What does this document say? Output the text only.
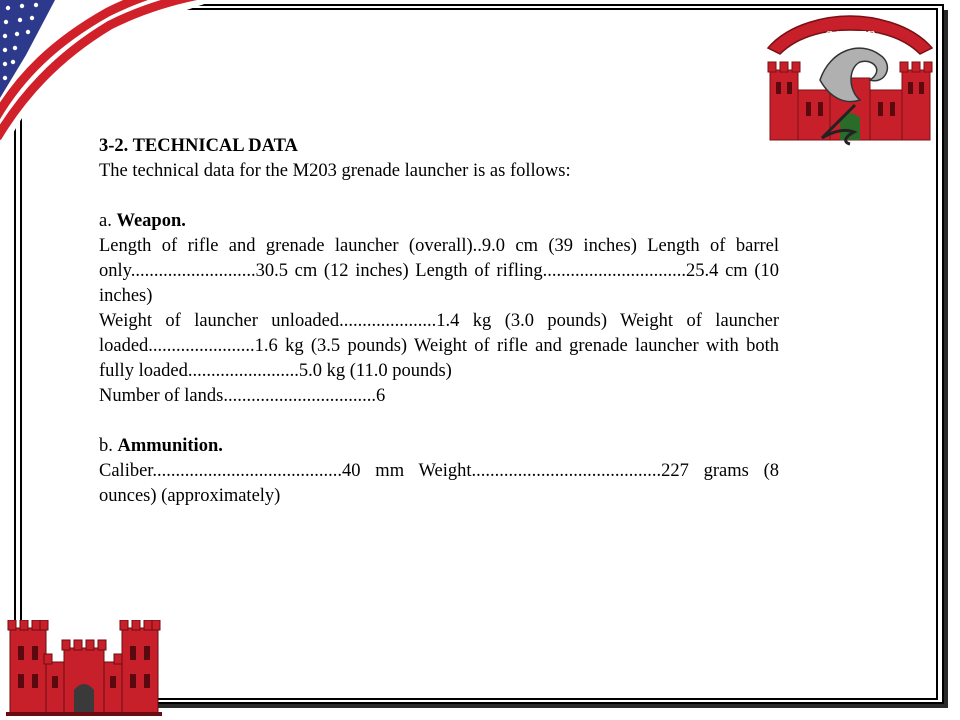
SAPPER

3-2. TECHNICAL DATA

The technical data for the M203 grenade launcher is as follows:

a. Weapon.

Length of rifle and grenade launcher (overall)..9.0 cm (39 inches) Length of barrel only...........................30.5 cm (12 inches) Length of rifling...............................25.4 cm (10 inches)

Weight of launcher unloaded.....................1.4 kg (3.0 pounds) Weight of launcher loaded.......................1.6 kg (3.5 pounds) Weight of rifle and grenade launcher with both fully loaded........................5.0 kg (11.0 pounds)

Number of lands.................................6

b. Ammunition.

Caliber.........................................40 mm Weight.........................................227 grams (8 ounces) (approximately)
